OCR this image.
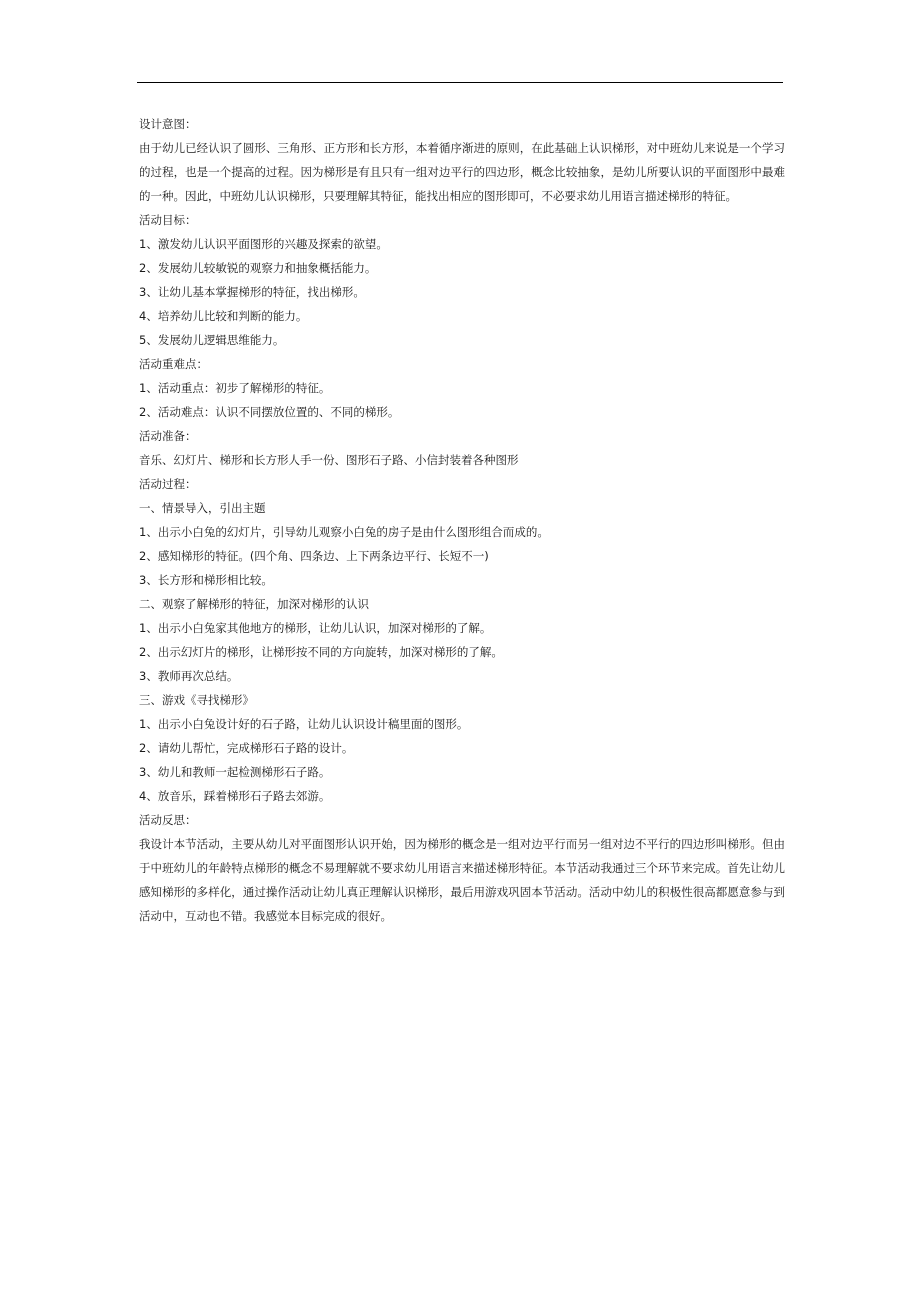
设计意图：
由于幼儿已经认识了圆形、三角形、正方形和长方形，本着循序渐进的原则，在此基础上认识梯形，对中班幼儿来说是一个学习的过程，也是一个提高的过程。因为梯形是有且只有一组对边平行的四边形，概念比较抽象，是幼儿所要认识的平面图形中最难的一种。因此，中班幼儿认识梯形，只要理解其特征，能找出相应的图形即可，不必要求幼儿用语言描述梯形的特征。
活动目标：
1、激发幼儿认识平面图形的兴趣及探索的欲望。
2、发展幼儿较敏锐的观察力和抽象概括能力。
3、让幼儿基本掌握梯形的特征，找出梯形。
4、培养幼儿比较和判断的能力。
5、发展幼儿逻辑思维能力。
活动重难点：
1、活动重点：初步了解梯形的特征。
2、活动难点：认识不同摆放位置的、不同的梯形。
活动准备：
音乐、幻灯片、梯形和长方形人手一份、图形石子路、小信封装着各种图形
活动过程：
一、情景导入，引出主题
1、出示小白兔的幻灯片，引导幼儿观察小白兔的房子是由什么图形组合而成的。
2、感知梯形的特征。(四个角、四条边、上下两条边平行、长短不一)
3、长方形和梯形相比较。
二、观察了解梯形的特征，加深对梯形的认识
1、出示小白兔家其他地方的梯形，让幼儿认识，加深对梯形的了解。
2、出示幻灯片的梯形，让梯形按不同的方向旋转，加深对梯形的了解。
3、教师再次总结。
三、游戏《寻找梯形》
1、出示小白兔设计好的石子路，让幼儿认识设计稿里面的图形。
2、请幼儿帮忙，完成梯形石子路的设计。
3、幼儿和教师一起检测梯形石子路。
4、放音乐，踩着梯形石子路去郊游。
活动反思：
我设计本节活动，主要从幼儿对平面图形认识开始，因为梯形的概念是一组对边平行而另一组对边不平行的四边形叫梯形。但由于中班幼儿的年龄特点梯形的概念不易理解就不要求幼儿用语言来描述梯形特征。本节活动我通过三个环节来完成。首先让幼儿感知梯形的多样化，通过操作活动让幼儿真正理解认识梯形，最后用游戏巩固本节活动。活动中幼儿的积极性很高都愿意参与到活动中，互动也不错。我感觉本目标完成的很好。
